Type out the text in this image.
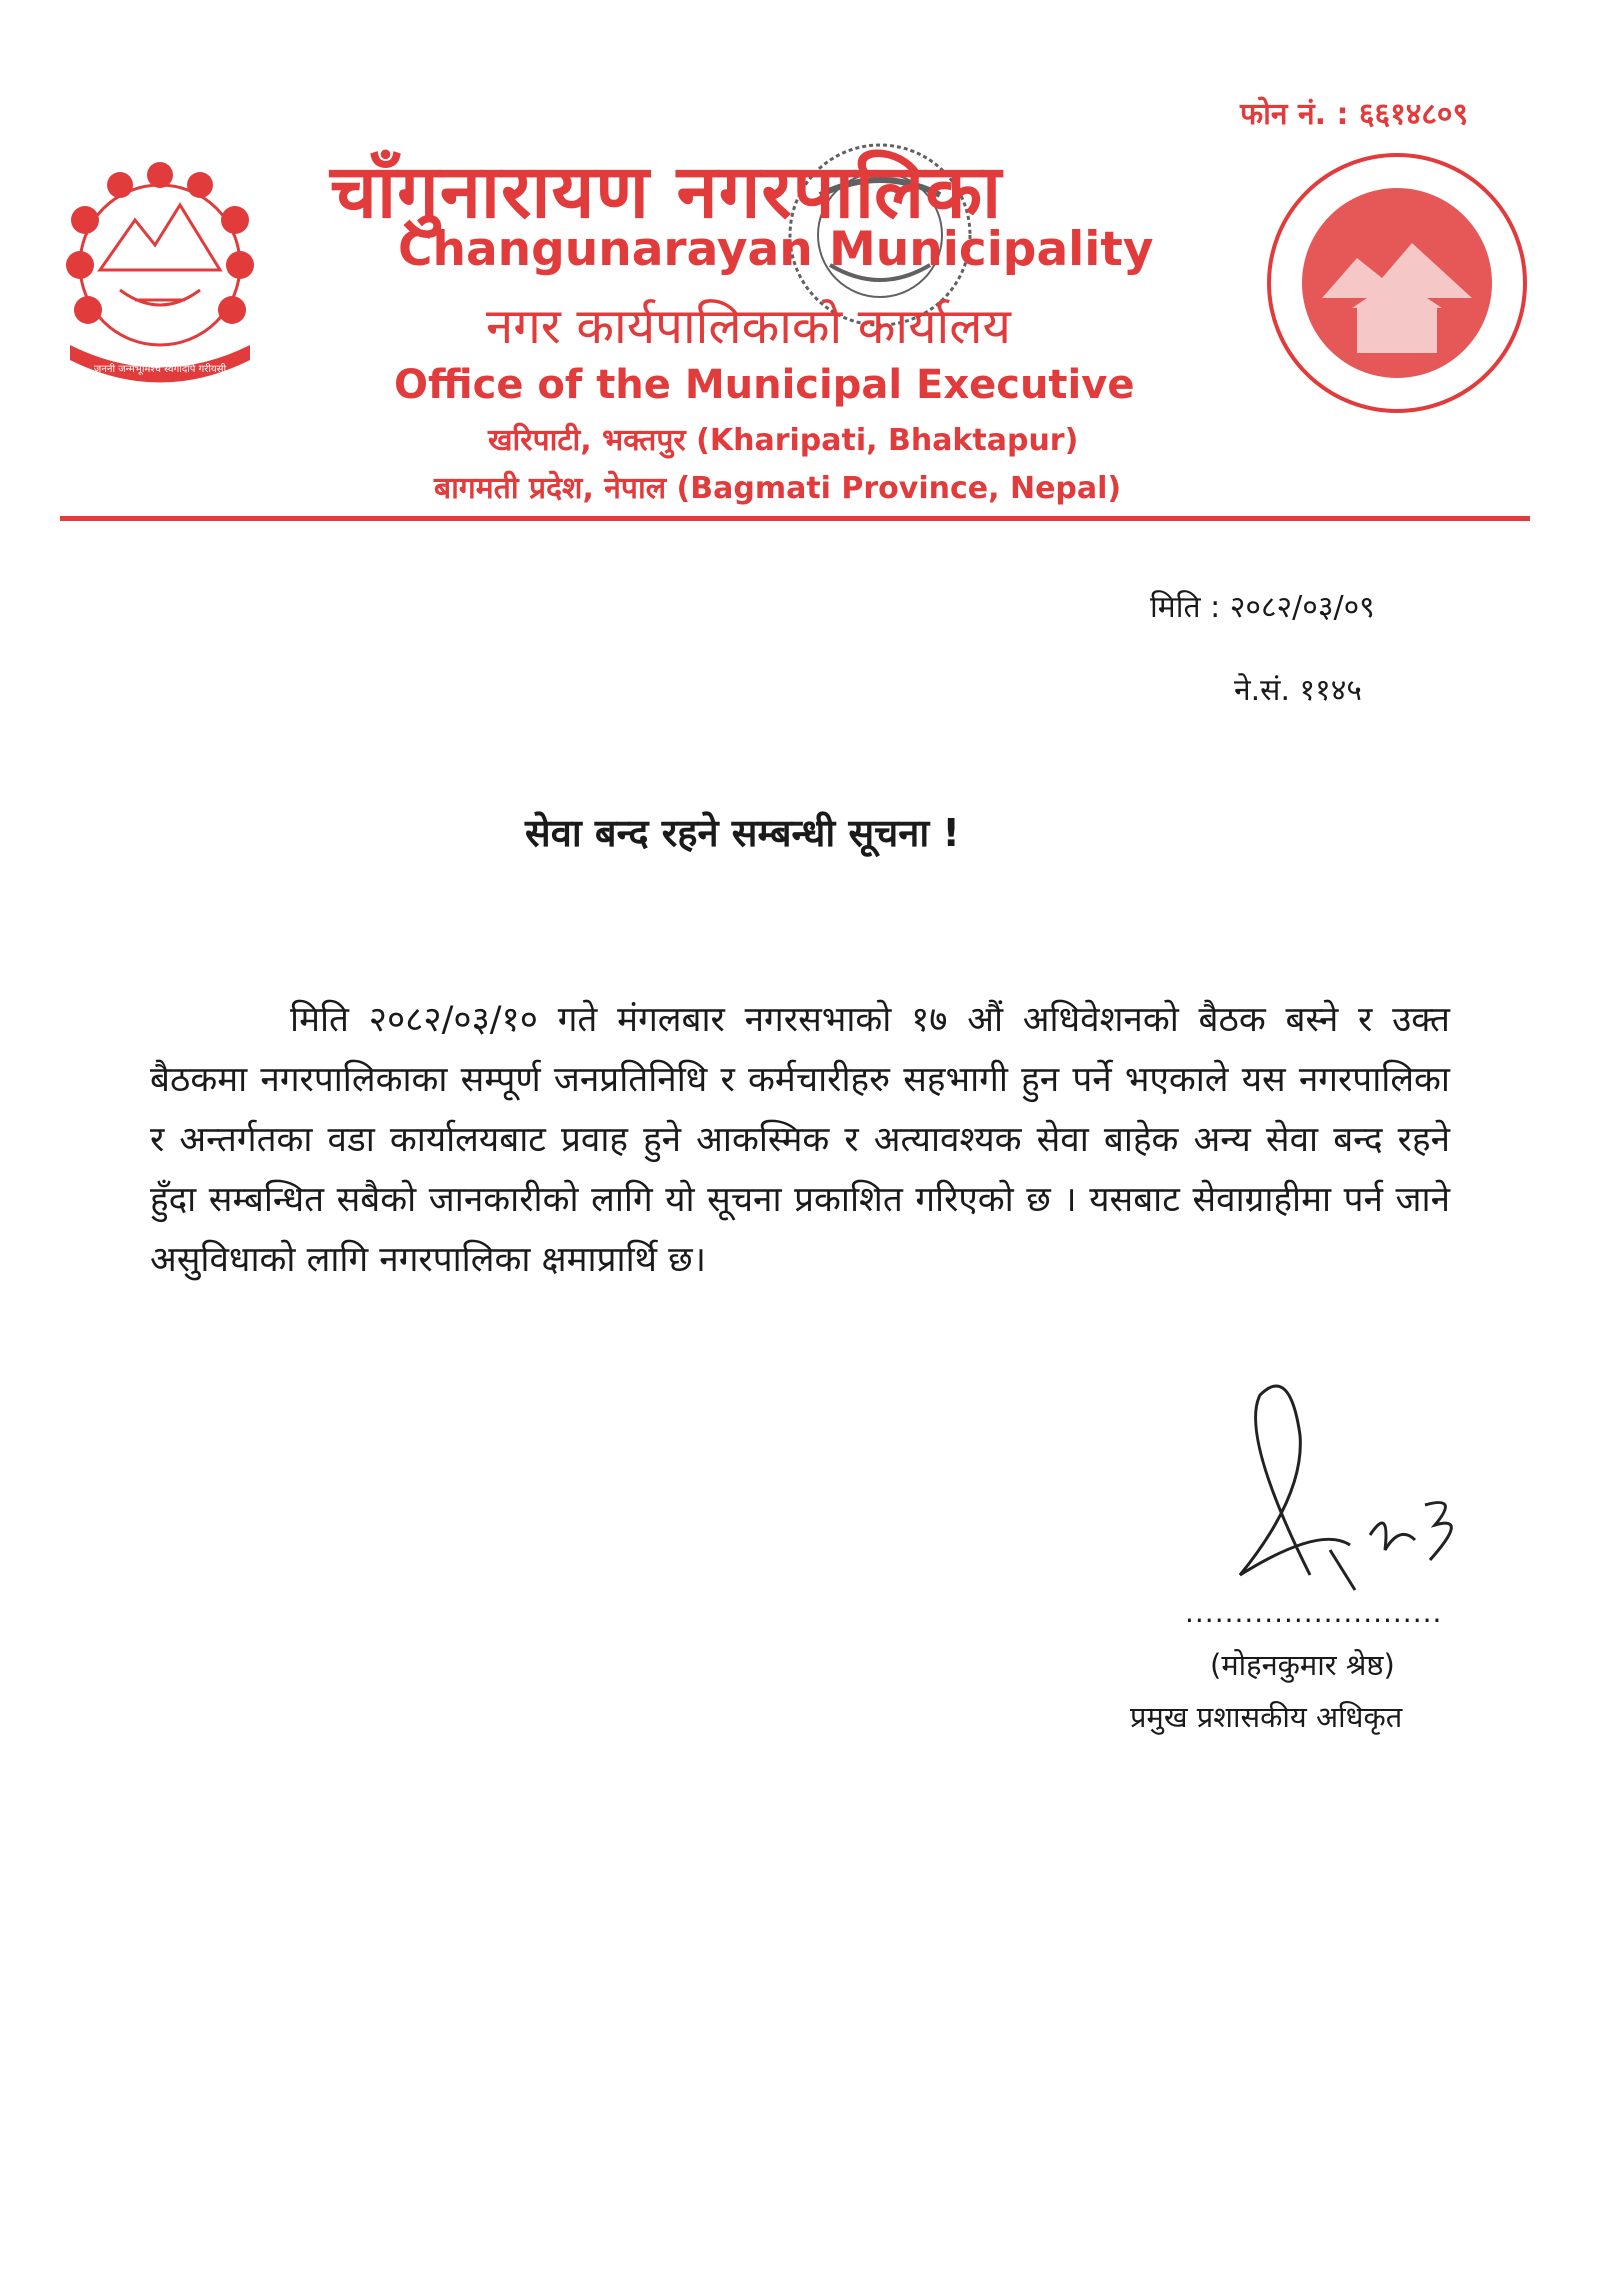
जननी जन्मभूमिश्च स्वर्गादपि गरीयसी
फोन नं. : ६६१४८०९
चाँगुनारायण नगरपालिका
Changunarayan Municipality
नगर कार्यपालिकाको कार्यालय
Office of the Municipal Executive
खरिपाटी, भक्तपुर (Kharipati, Bhaktapur)
बागमती प्रदेश, नेपाल (Bagmati Province, Nepal)
मिति : २०८२/०३/०९
ने.सं. ११४५
सेवा बन्द रहने सम्बन्धी सूचना !
मिति २०८२/०३/१० गते मंगलबार नगरसभाको १७ औं अधिवेशनको बैठक बस्ने र उक्त बैठकमा नगरपालिकाका सम्पूर्ण जनप्रतिनिधि र कर्मचारीहरु सहभागी हुन पर्ने भएकाले यस नगरपालिका र अन्तर्गतका वडा कार्यालयबाट प्रवाह हुने आकस्मिक र अत्यावश्यक सेवा बाहेक अन्य सेवा बन्द रहने हुँदा सम्बन्धित सबैको जानकारीको लागि यो सूचना प्रकाशित गरिएको छ । यसबाट सेवाग्राहीमा पर्न जाने असुविधाको लागि नगरपालिका क्षमाप्रार्थि छ।
..........................
(मोहनकुमार श्रेष्ठ)
प्रमुख प्रशासकीय अधिकृत
